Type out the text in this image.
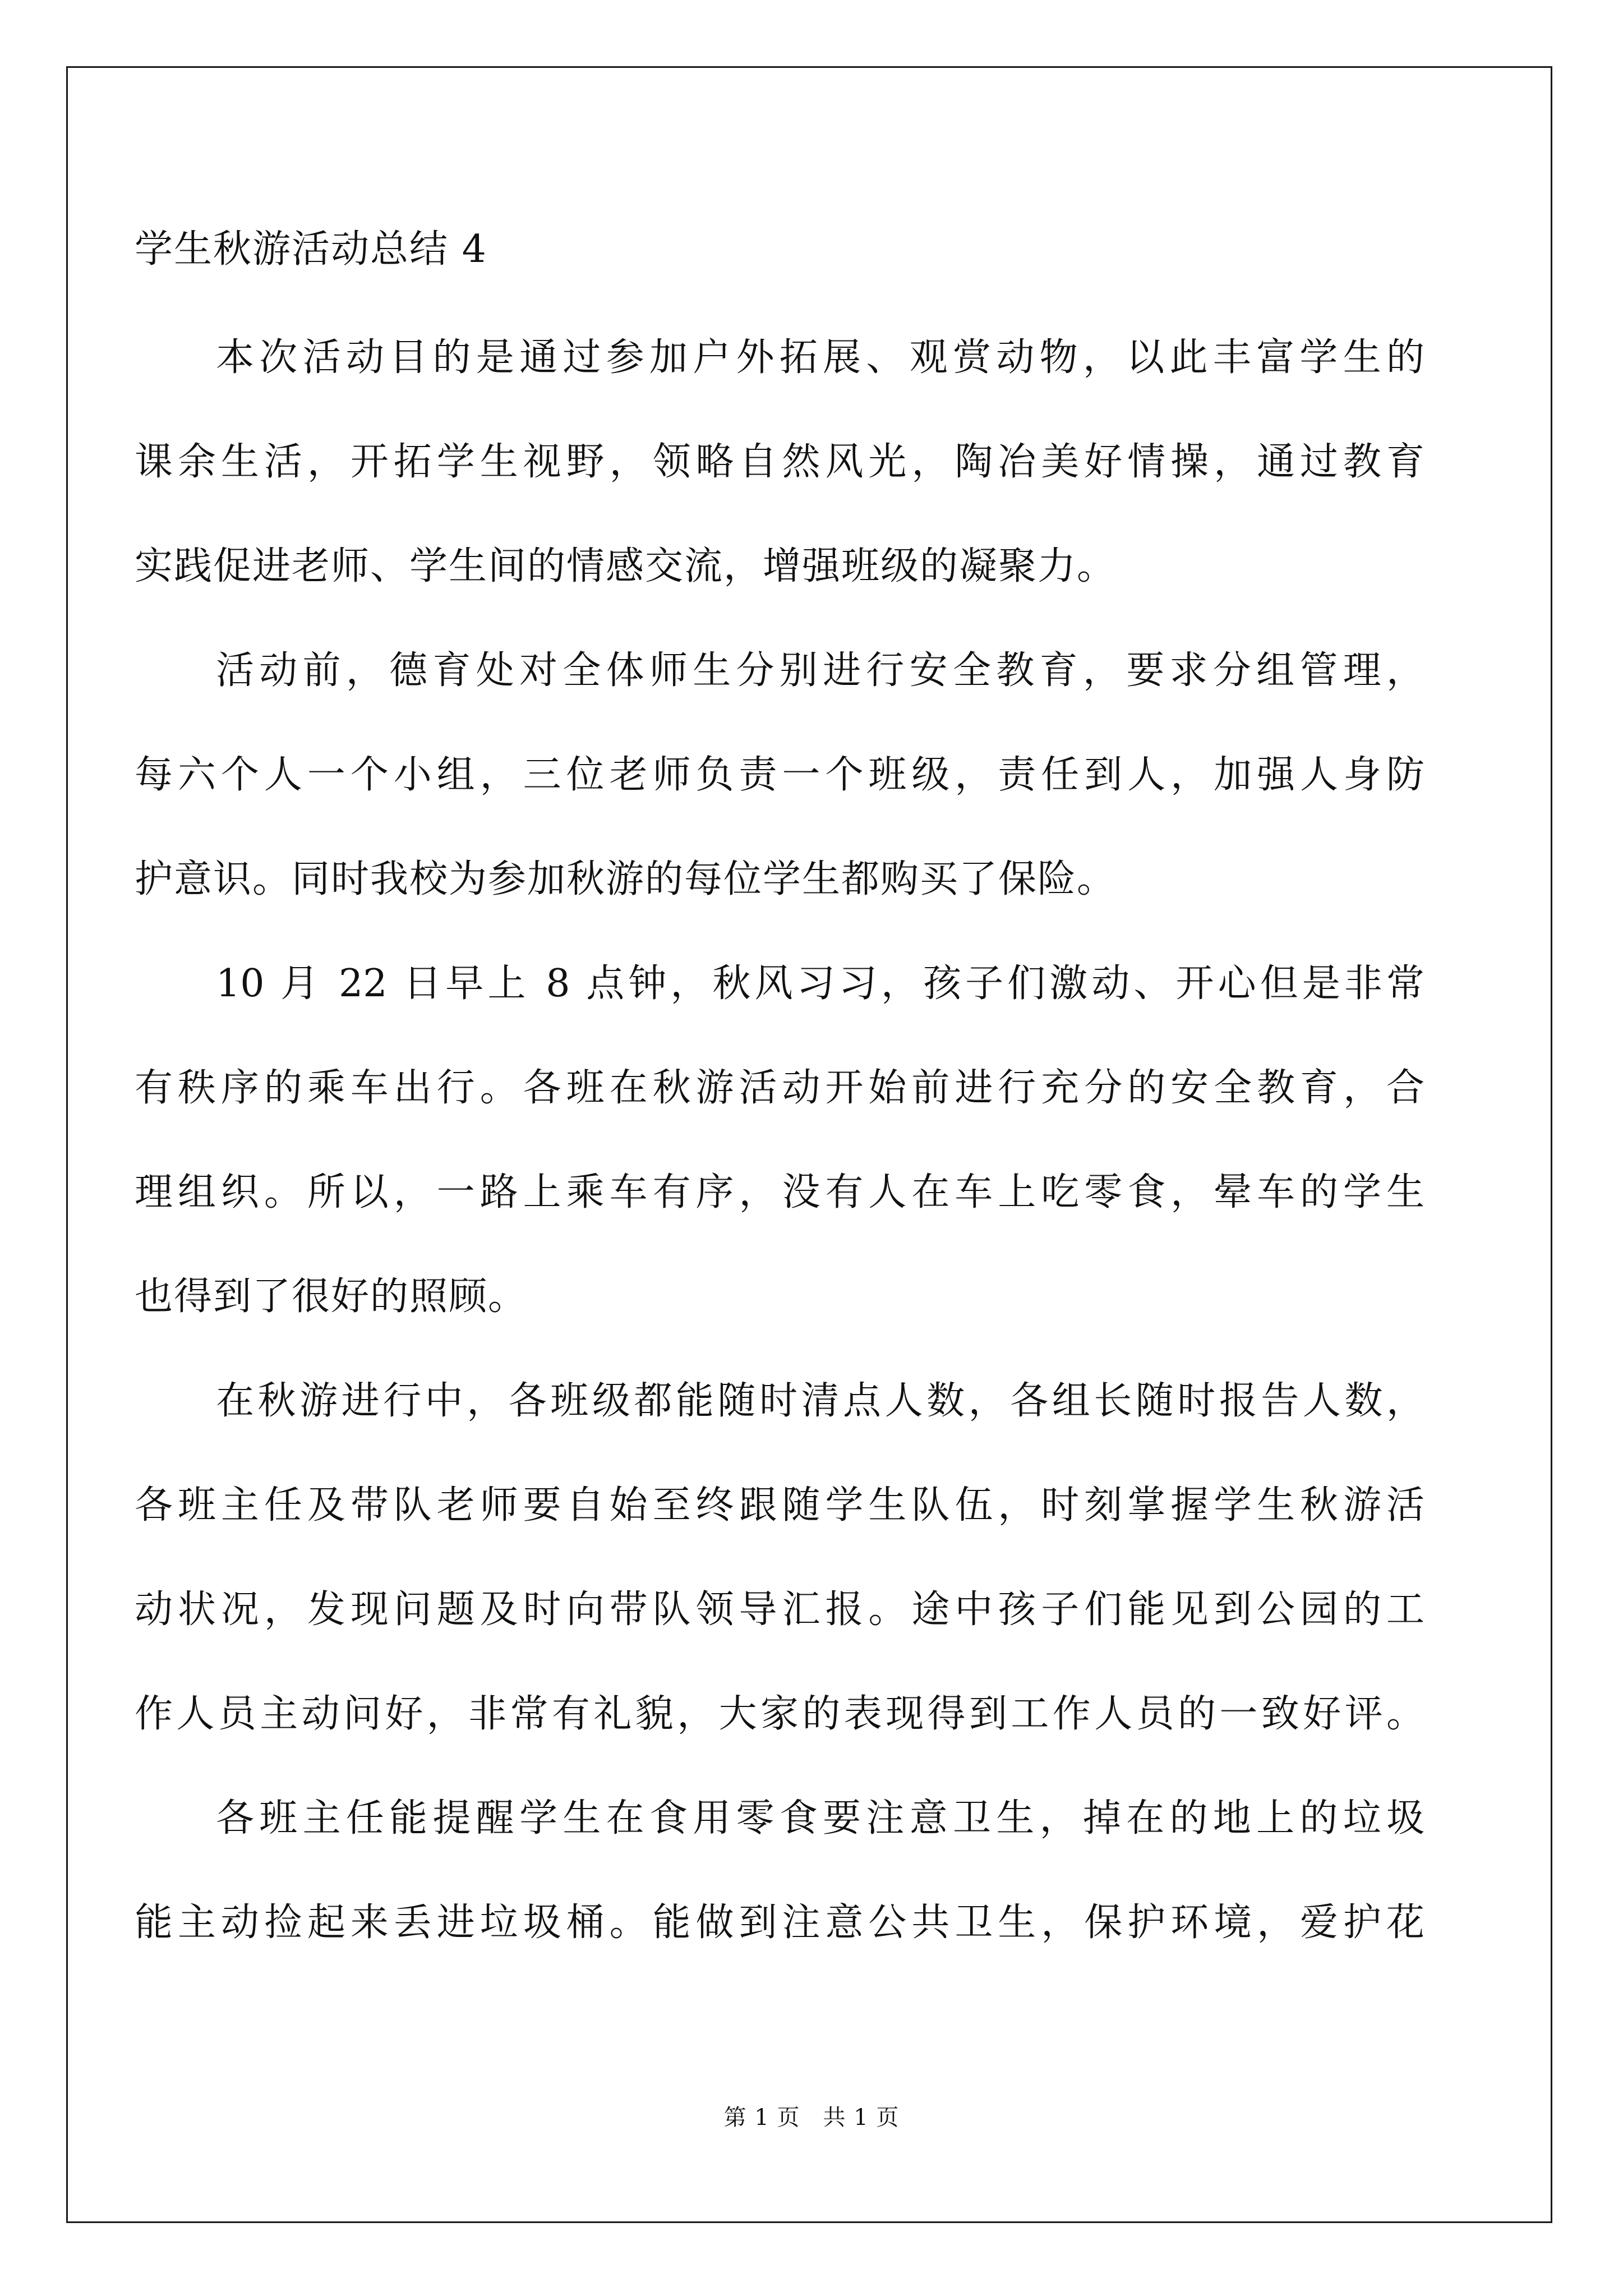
学生秋游活动总结 4
本次活动目的是通过参加户外拓展、观赏动物，以此丰富学生的
课余生活，开拓学生视野，领略自然风光，陶冶美好情操，通过教育
实践促进老师、学生间的情感交流，增强班级的凝聚力。
活动前，德育处对全体师生分别进行安全教育，要求分组管理，
每六个人一个小组，三位老师负责一个班级，责任到人，加强人身防
护意识。同时我校为参加秋游的每位学生都购买了保险。
10 月 22 日早上 8 点钟，秋风习习，孩子们激动、开心但是非常
有秩序的乘车出行。各班在秋游活动开始前进行充分的安全教育，合
理组织。所以，一路上乘车有序，没有人在车上吃零食，晕车的学生
也得到了很好的照顾。
在秋游进行中，各班级都能随时清点人数，各组长随时报告人数，
各班主任及带队老师要自始至终跟随学生队伍，时刻掌握学生秋游活
动状况，发现问题及时向带队领导汇报。途中孩子们能见到公园的工
作人员主动问好，非常有礼貌，大家的表现得到工作人员的一致好评。
各班主任能提醒学生在食用零食要注意卫生，掉在的地上的垃圾
能主动捡起来丢进垃圾桶。能做到注意公共卫生，保护环境，爱护花
第 1 页　共 1 页
